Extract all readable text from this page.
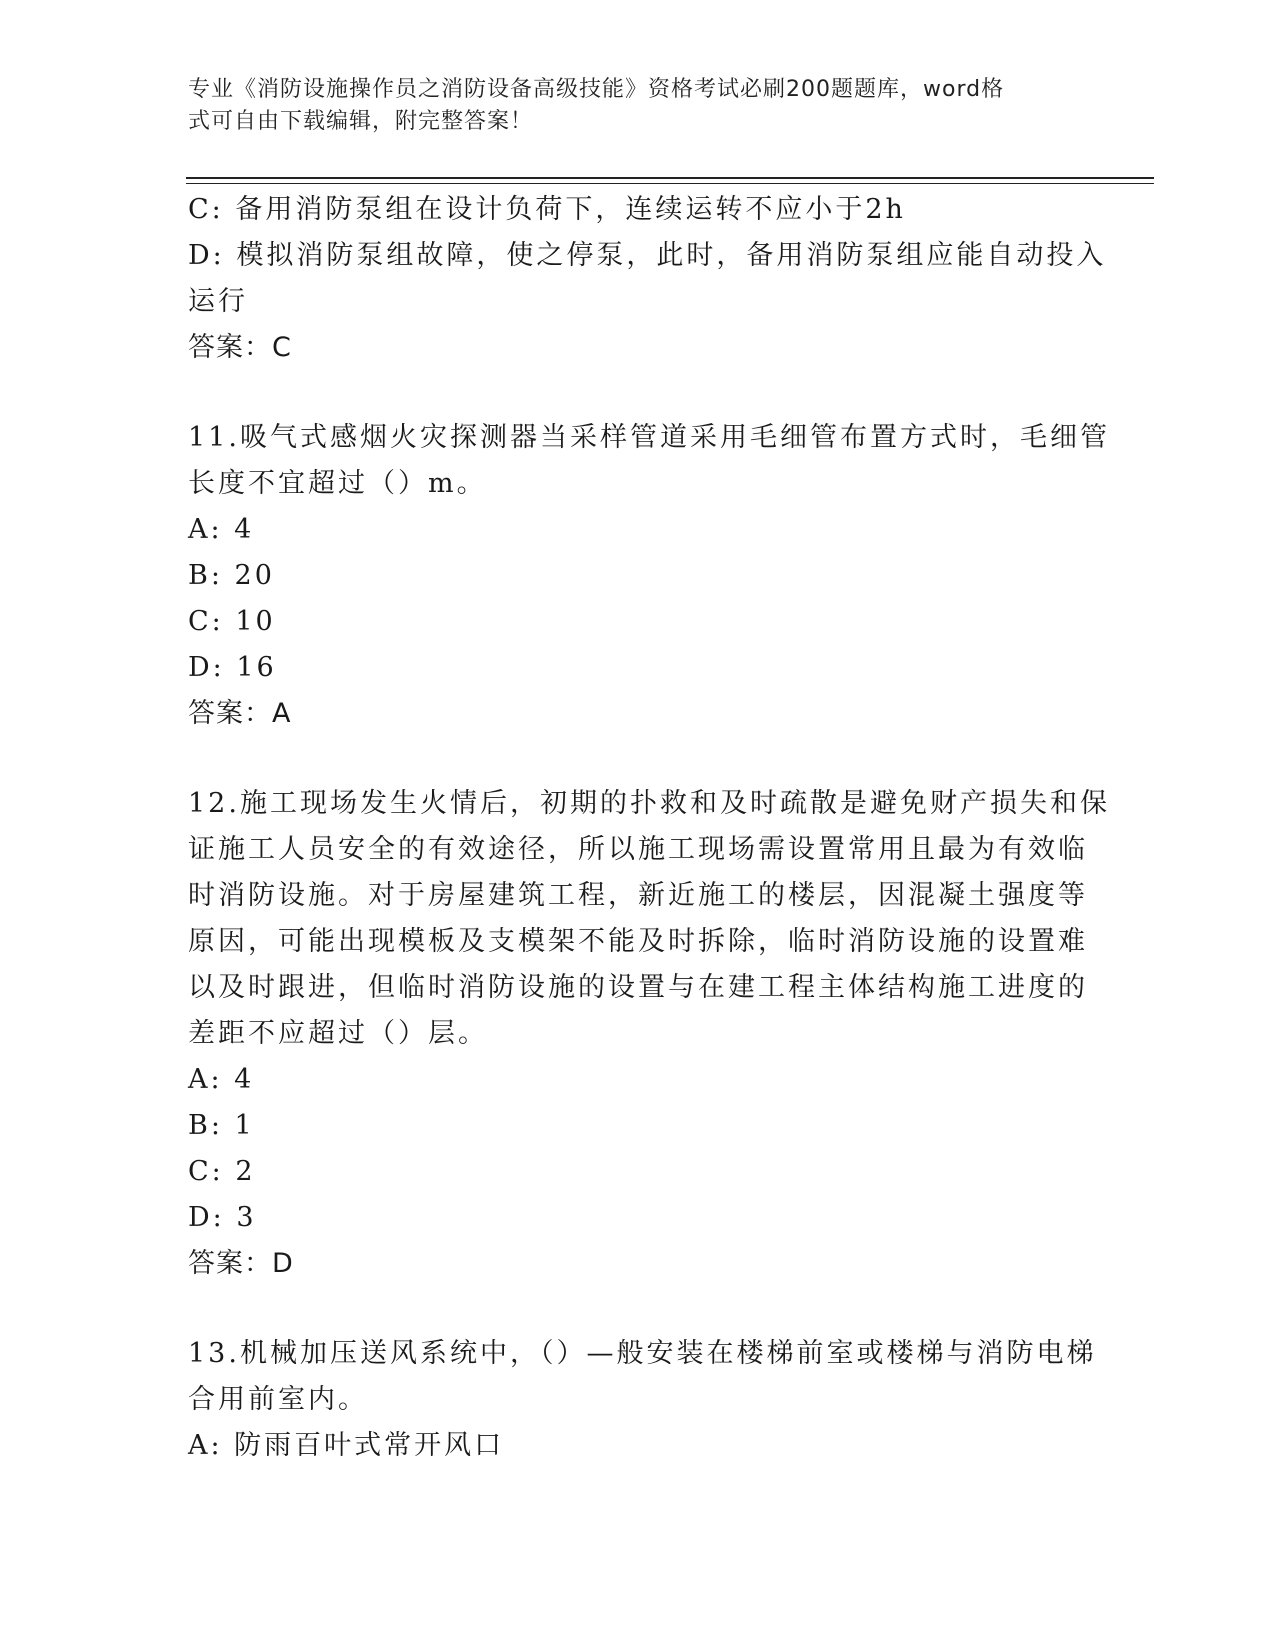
专业《消防设施操作员之消防设备高级技能》资格考试必刷200题题库，word格
式可自由下载编辑，附完整答案！
C: 备用消防泵组在设计负荷下，连续运转不应小于2h
D: 模拟消防泵组故障，使之停泵，此时，备用消防泵组应能自动投入
运行
答案：C
11.吸气式感烟火灾探测器当采样管道采用毛细管布置方式时，毛细管
长度不宜超过（）m。
A: 4
B: 20
C: 10
D: 16
答案：A
12.施工现场发生火情后，初期的扑救和及时疏散是避免财产损失和保
证施工人员安全的有效途径，所以施工现场需设置常用且最为有效临
时消防设施。对于房屋建筑工程，新近施工的楼层，因混凝土强度等
原因，可能出现模板及支模架不能及时拆除，临时消防设施的设置难
以及时跟进，但临时消防设施的设置与在建工程主体结构施工进度的
差距不应超过（）层。
A: 4
B: 1
C: 2
D: 3
答案：D
13.机械加压送风系统中，（）—般安装在楼梯前室或楼梯与消防电梯
合用前室内。
A: 防雨百叶式常开风口
